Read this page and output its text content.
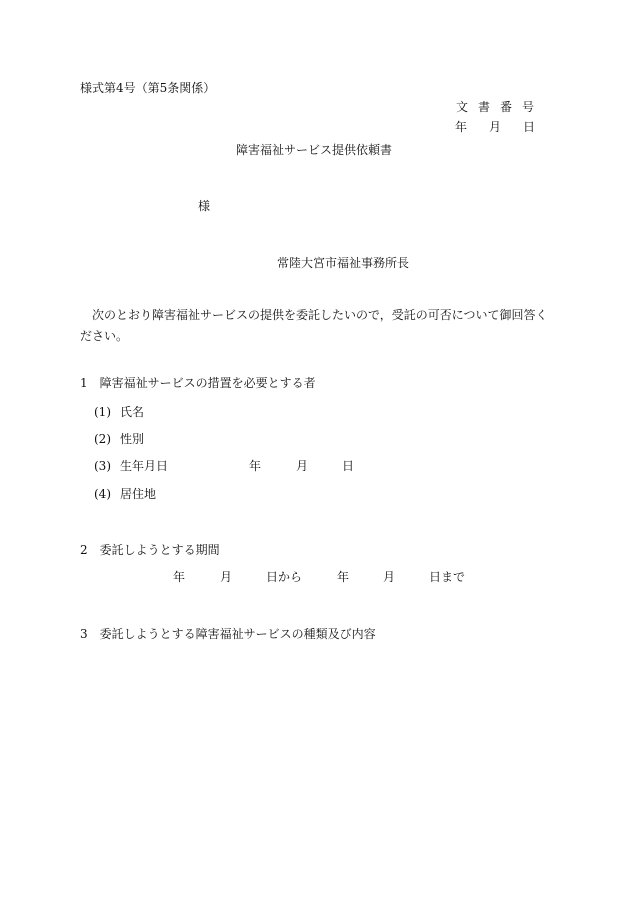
様式第4号（第5条関係）
文書番号
年 月 日
障害福祉サービス提供依頼書
様
常陸大宮市福祉事務所長
次のとおり障害福祉サービスの提供を委託したいので，受託の可否について御回答ください。
1　障害福祉サービスの措置を必要とする者
(1) 氏名
(2) 性別
(3) 生年月日	年	月	日
(4) 居住地
2　委託しようとする期間
年	月	日から	年	月	日まで
3　委託しようとする障害福祉サービスの種類及び内容
